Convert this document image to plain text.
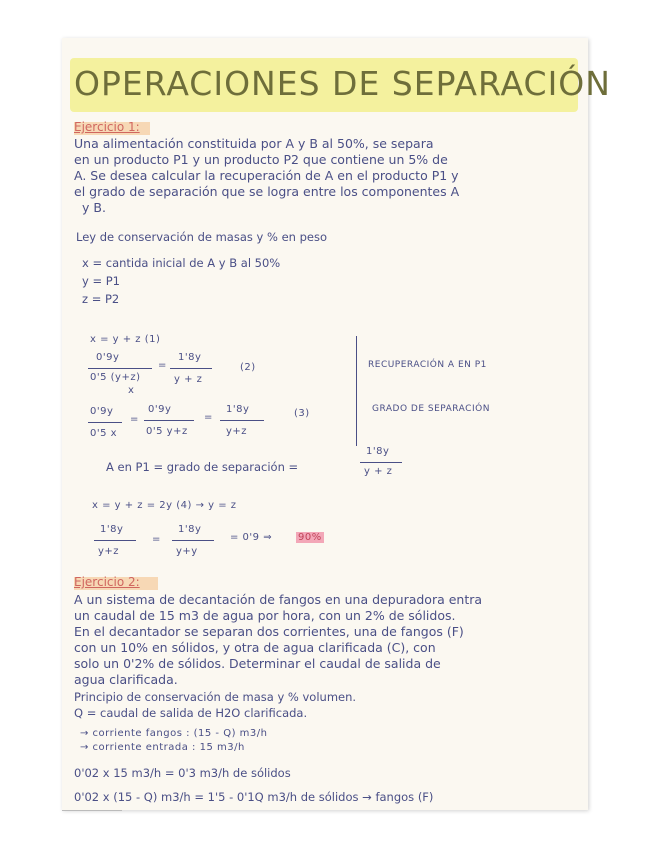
OPERACIONES DE SEPARACIÓN
Ejercicio 1:
Una alimentación constituida por A y B al 50%, se separa
en un producto P1 y un producto P2 que contiene un 5% de
A. Se desea calcular la recuperación de A en el producto P1 y
el grado de separación que se logra entre los componentes A
y B.
Ley de conservación de masas y % en peso
x = cantida inicial de A y B al 50%
y = P1
z = P2
x = y + z (1)
0'9y
0'5 (y+z)
x
=
1'8y
y + z
(2)
0'9y
0'5 x
=
0'9y
0'5 y+z
=
1'8y
y+z
(3)
RECUPERACIÓN A EN P1
GRADO DE SEPARACIÓN
A en P1 = grado de separación =
1'8y
y + z
x = y + z = 2y (4) → y = z
1'8y
y+z
=
1'8y
y+y
= 0'9 ⇒	90%
Ejercicio 2:
A un sistema de decantación de fangos en una depuradora entra
un caudal de 15 m3 de agua por hora, con un 2% de sólidos.
En el decantador se separan dos corrientes, una de fangos (F)
con un 10% en sólidos, y otra de agua clarificada (C), con
solo un 0'2% de sólidos. Determinar el caudal de salida de
agua clarificada.
Principio de conservación de masa y % volumen.
Q = caudal de salida de H2O clarificada.
→ corriente fangos : (15 - Q) m3/h
→ corriente entrada : 15 m3/h
0'02 x 15 m3/h = 0'3 m3/h de sólidos
0'02 x (15 - Q) m3/h = 1'5 - 0'1Q m3/h de sólidos → fangos (F)
